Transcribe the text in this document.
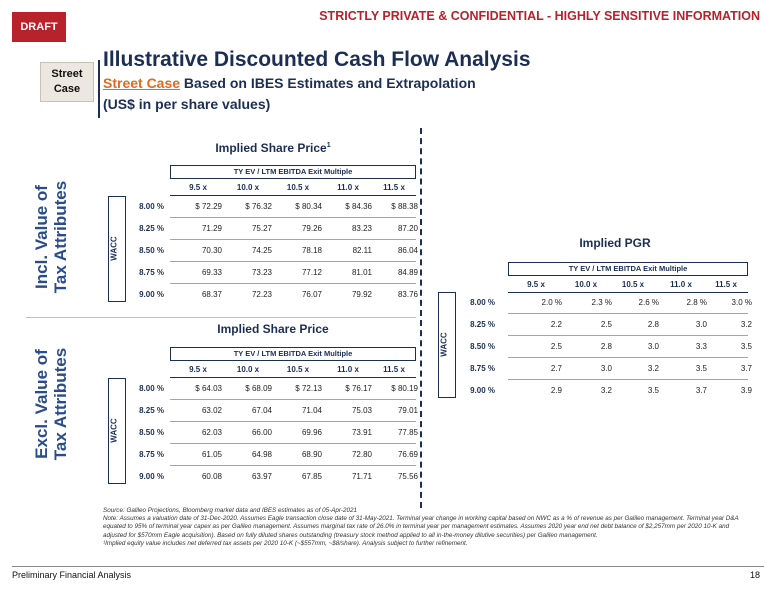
DRAFT
STRICTLY PRIVATE & CONFIDENTIAL - HIGHLY SENSITIVE INFORMATION
Street
Case
Illustrative Discounted Cash Flow Analysis
Street Case Based on IBES Estimates and Extrapolation
(US$ in per share values)
Incl. Value of Tax Attributes
Excl. Value of Tax Attributes
Implied Share Price$^1$
TY EV / LTM EBITDA Exit Multiple
9.5 x	10.0 x	10.5 x	11.0 x	11.5 x
WACC
8.00 %	$ 72.29	$ 76.32	$ 80.34	$ 84.36	$ 88.38
8.25 %	71.29	75.27	79.26	83.23	87.20
8.50 %	70.30	74.25	78.18	82.11	86.04
8.75 %	69.33	73.23	77.12	81.01	84.89
9.00 %	68.37	72.23	76.07	79.92	83.76
Implied Share Price
TY EV / LTM EBITDA Exit Multiple
9.5 x	10.0 x	10.5 x	11.0 x	11.5 x
WACC
8.00 %	$ 64.03	$ 68.09	$ 72.13	$ 76.17	$ 80.19
8.25 %	63.02	67.04	71.04	75.03	79.01
8.50 %	62.03	66.00	69.96	73.91	77.85
8.75 %	61.05	64.98	68.90	72.80	76.69
9.00 %	60.08	63.97	67.85	71.71	75.56
Implied PGR
TY EV / LTM EBITDA Exit Multiple
9.5 x	10.0 x	10.5 x	11.0 x	11.5 x
WACC
8.00 %	2.0 %	2.3 %	2.6 %	2.8 %	3.0 %
8.25 %	2.2	2.5	2.8	3.0	3.2
8.50 %	2.5	2.8	3.0	3.3	3.5
8.75 %	2.7	3.0	3.2	3.5	3.7
9.00 %	2.9	3.2	3.5	3.7	3.9
Source: Galileo Projections, Bloomberg market data and IBES estimates as of 05-Apr-2021
Note: Assumes a valuation date of 31-Dec-2020. Assumes Eagle transaction close date of 31-May-2021. Terminal year change in working capital based on NWC as a % of revenue as per Galileo management. Terminal year D&A equated to 95% of terminal year capex as per Galileo management. Assumes marginal tax rate of 26.0% in terminal year per management estimates. Assumes 2020 year end net debt balance of $2,257mm per 2020 10-K and adjusted for $570mm Eagle acquisition). Based on fully diluted shares outstanding (treasury stock method applied to all in-the-money dilutive securities) per Galileo management.
¹Implied equity value includes net deferred tax assets per 2020 10-K (~$557mm, ~$8/share). Analysis subject to further refinement.
Preliminary Financial Analysis	18
